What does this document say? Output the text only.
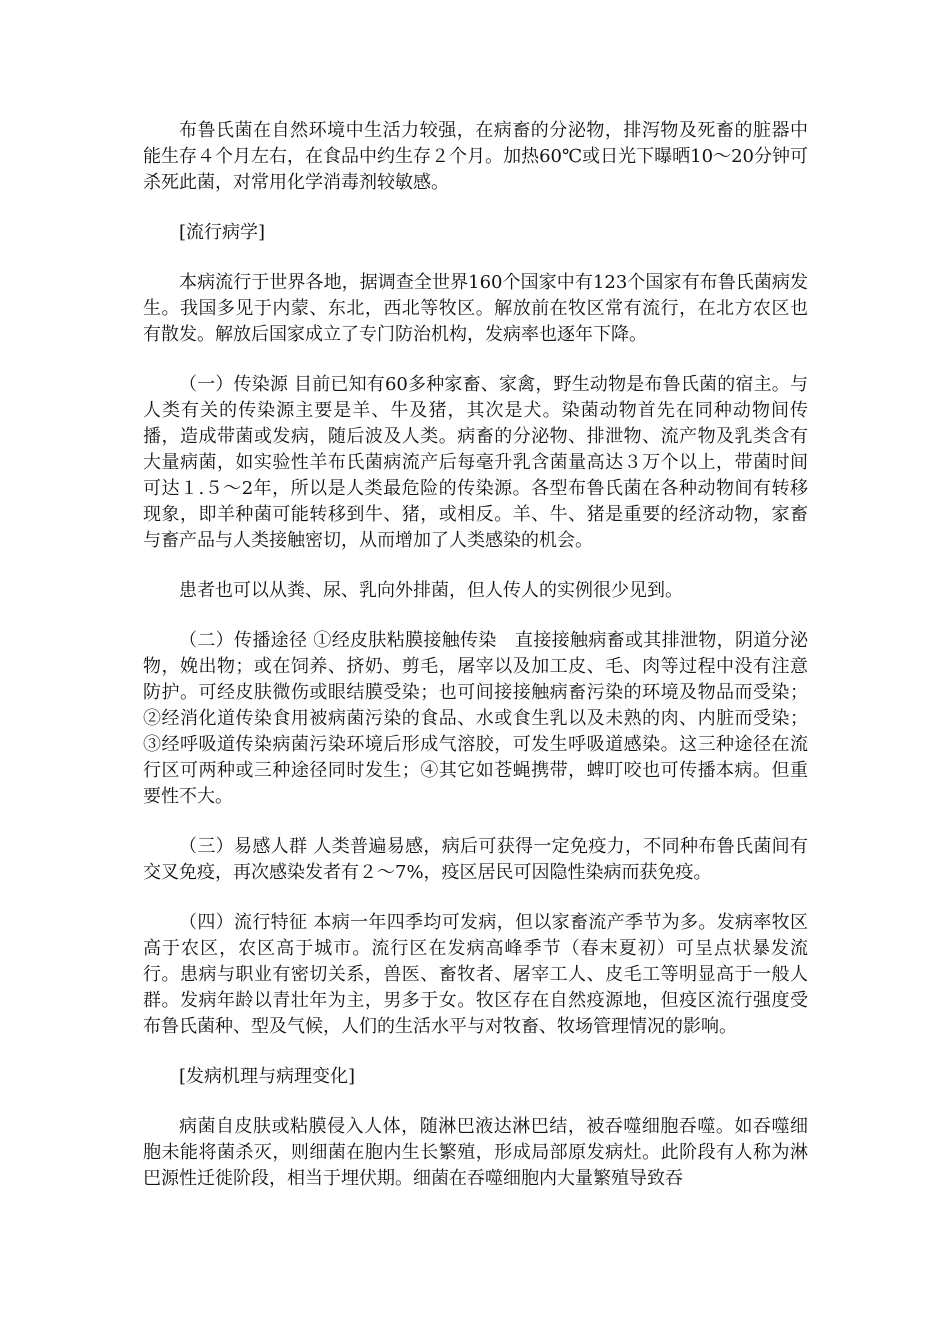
布鲁氏菌在自然环境中生活力较强，在病畜的分泌物，排泻物及死畜的脏器中能生存４个月左右，在食品中约生存２个月。加热60℃或日光下曝晒10～20分钟可杀死此菌，对常用化学消毒剂较敏感。

[流行病学]

本病流行于世界各地，据调查全世界160个国家中有123个国家有布鲁氏菌病发生。我国多见于内蒙、东北，西北等牧区。解放前在牧区常有流行，在北方农区也有散发。解放后国家成立了专门防治机构，发病率也逐年下降。

（一）传染源 目前已知有60多种家畜、家禽，野生动物是布鲁氏菌的宿主。与人类有关的传染源主要是羊、牛及猪，其次是犬。染菌动物首先在同种动物间传播，造成带菌或发病，随后波及人类。病畜的分泌物、排泄物、流产物及乳类含有大量病菌，如实验性羊布氏菌病流产后每毫升乳含菌量高达３万个以上，带菌时间可达１.５～2年，所以是人类最危险的传染源。各型布鲁氏菌在各种动物间有转移现象，即羊种菌可能转移到牛、猪，或相反。羊、牛、猪是重要的经济动物，家畜与畜产品与人类接触密切，从而增加了人类感染的机会。

患者也可以从粪、尿、乳向外排菌，但人传人的实例很少见到。

（二）传播途径 ①经皮肤粘膜接触传染　直接接触病畜或其排泄物，阴道分泌物，娩出物；或在饲养、挤奶、剪毛，屠宰以及加工皮、毛、肉等过程中没有注意防护。可经皮肤微伤或眼结膜受染；也可间接接触病畜污染的环境及物品而受染；②经消化道传染食用被病菌污染的食品、水或食生乳以及未熟的肉、内脏而受染；③经呼吸道传染病菌污染环境后形成气溶胶，可发生呼吸道感染。这三种途径在流行区可两种或三种途径同时发生；④其它如苍蝇携带，蜱叮咬也可传播本病。但重要性不大。

（三）易感人群 人类普遍易感，病后可获得一定免疫力，不同种布鲁氏菌间有交叉免疫，再次感染发者有２～7%，疫区居民可因隐性染病而获免疫。

（四）流行特征 本病一年四季均可发病，但以家畜流产季节为多。发病率牧区高于农区，农区高于城市。流行区在发病高峰季节（春末夏初）可呈点状暴发流行。患病与职业有密切关系，兽医、畜牧者、屠宰工人、皮毛工等明显高于一般人群。发病年龄以青壮年为主，男多于女。牧区存在自然疫源地，但疫区流行强度受布鲁氏菌种、型及气候，人们的生活水平与对牧畜、牧场管理情况的影响。

[发病机理与病理变化]

病菌自皮肤或粘膜侵入人体，随淋巴液达淋巴结，被吞噬细胞吞噬。如吞噬细胞未能将菌杀灭，则细菌在胞内生长繁殖，形成局部原发病灶。此阶段有人称为淋巴源性迁徙阶段，相当于埋伏期。细菌在吞噬细胞内大量繁殖导致吞
